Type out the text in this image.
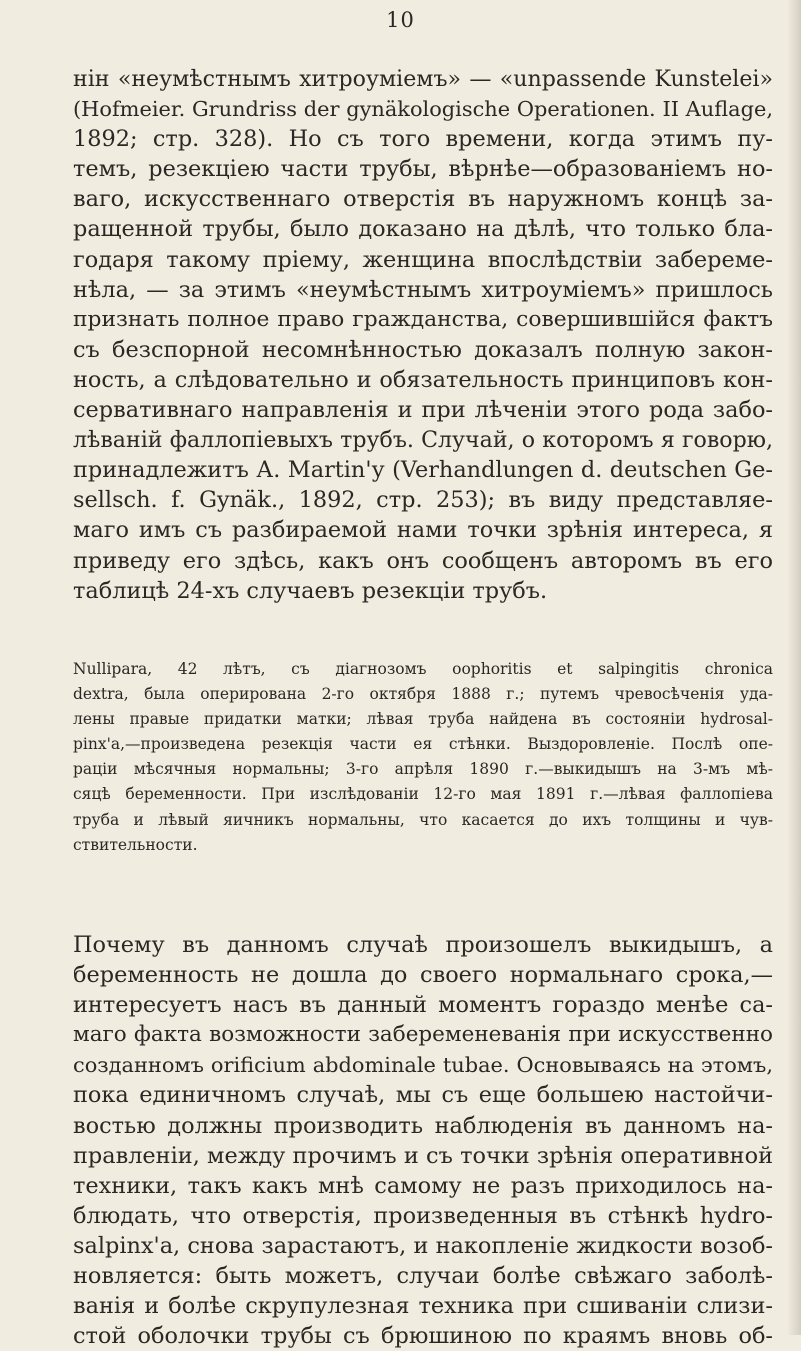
10
нін «неумѣстнымъ хитроуміемъ» — «unpassende Kunstelei»
(Hofmeier. Grundriss der gynäkologische Operationen. II Auflage,
1892; стр. 328). Но съ того времени, когда этимъ пу-
темъ, резекціею части трубы, вѣрнѣе—образованіемъ но-
ваго, искусственнаго отверстія въ наружномъ концѣ за-
ращенной трубы, было доказано на дѣлѣ, что только бла-
годаря такому пріему, женщина впослѣдствіи забереме-
нѣла, — за этимъ «неумѣстнымъ хитроуміемъ» пришлось
признать полное право гражданства, совершившійся фактъ
съ безспорной несомнѣнностью доказалъ полную закон-
ность, а слѣдовательно и обязательность принциповъ кон-
сервативнаго направленія и при лѣченіи этого рода забо-
лѣваній фаллопіевыхъ трубъ. Случай, о которомъ я говорю,
принадлежитъ А. Martin'у (Verhandlungen d. deutschen Ge-
sellsch. f. Gynäk., 1892, стр. 253); въ виду представляе-
маго имъ съ разбираемой нами точки зрѣнія интереса, я
приведу его здѣсь, какъ онъ сообщенъ авторомъ въ его
таблицѣ 24-хъ случаевъ резекціи трубъ.
Nullipara, 42 лѣтъ, съ діагнозомъ oophoritis et salpingitis chronica
dextra, была оперирована 2-го октября 1888 г.; путемъ чревосѣченія уда-
лены правые придатки матки; лѣвая труба найдена въ состояніи hydrosal-
pinx'a,—произведена резекція части ея стѣнки. Выздоровленіе. Послѣ опе-
раціи мѣсячныя нормальны; 3-го апрѣля 1890 г.—выкидышъ на 3-мъ мѣ-
сяцѣ беременности. При изслѣдованіи 12-го мая 1891 г.—лѣвая фаллопіева
труба и лѣвый яичникъ нормальны, что касается до ихъ толщины и чув-
ствительности.
Почему въ данномъ случаѣ произошелъ выкидышъ, а
беременность не дошла до своего нормальнаго срока,—
интересуетъ насъ въ данный моментъ гораздо менѣе са-
маго факта возможности забеременеванія при искусственно
созданномъ orificium abdominale tubae. Основываясь на этомъ,
пока единичномъ случаѣ, мы съ еще большею настойчи-
востью должны производить наблюденія въ данномъ на-
правленіи, между прочимъ и съ точки зрѣнія оперативной
техники, такъ какъ мнѣ самому не разъ приходилось на-
блюдать, что отверстія, произведенныя въ стѣнкѣ hydro-
salpinx'a, снова зарастаютъ, и накопленіе жидкости возоб-
новляется: быть можетъ, случаи болѣе свѣжаго заболѣ-
ванія и болѣе скрупулезная техника при сшиваніи слизи-
стой оболочки трубы съ брюшиною по краямъ вновь об-
